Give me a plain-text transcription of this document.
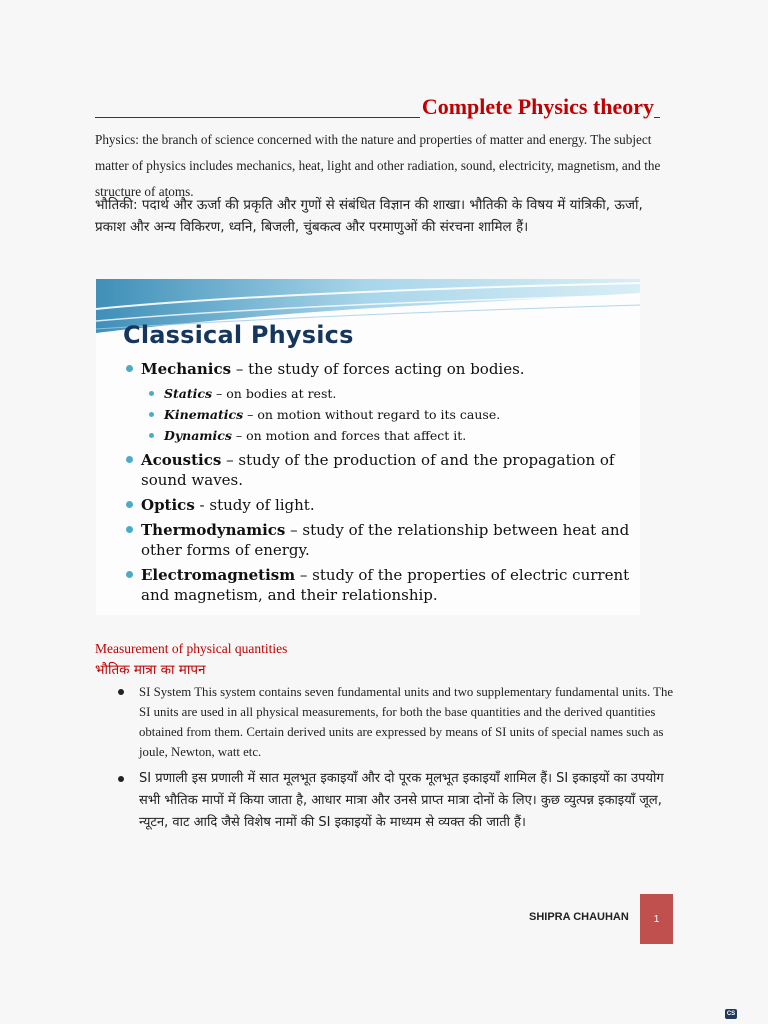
Complete Physics theory
Physics: the branch of science concerned with the nature and properties of matter and energy. The subject matter of physics includes mechanics, heat, light and other radiation, sound, electricity, magnetism, and the structure of atoms.
भौतिकी: पदार्थ और ऊर्जा की प्रकृति और गुणों से संबंधित विज्ञान की शाखा। भौतिकी के विषय में यांत्रिकी, ऊर्जा, प्रकाश और अन्य विकिरण, ध्वनि, बिजली, चुंबकत्व और परमाणुओं की संरचना शामिल हैं।
Classical Physics
Mechanics – the study of forces acting on bodies.
Statics – on bodies at rest.
Kinematics – on motion without regard to its cause.
Dynamics – on motion and forces that affect it.
Acoustics – study of the production of and the propagation of sound waves.
Optics - study of light.
Thermodynamics – study of the relationship between heat and other forms of energy.
Electromagnetism – study of the properties of electric current and magnetism, and their relationship.
Measurement of physical quantities
भौतिक मात्रा का मापन
SI System This system contains seven fundamental units and two supplementary fundamental units. The SI units are used in all physical measurements, for both the base quantities and the derived quantities obtained from them. Certain derived units are expressed by means of SI units of special names such as joule, Newton, watt etc.
SI प्रणाली इस प्रणाली में सात मूलभूत इकाइयाँ और दो पूरक मूलभूत इकाइयाँ शामिल हैं। SI इकाइयों का उपयोग सभी भौतिक मापों में किया जाता है, आधार मात्रा और उनसे प्राप्त मात्रा दोनों के लिए। कुछ व्युत्पन्न इकाइयाँ जूल, न्यूटन, वाट आदि जैसे विशेष नामों की SI इकाइयों के माध्यम से व्यक्त की जाती हैं।
SHIPRA CHAUHAN	1
CS
